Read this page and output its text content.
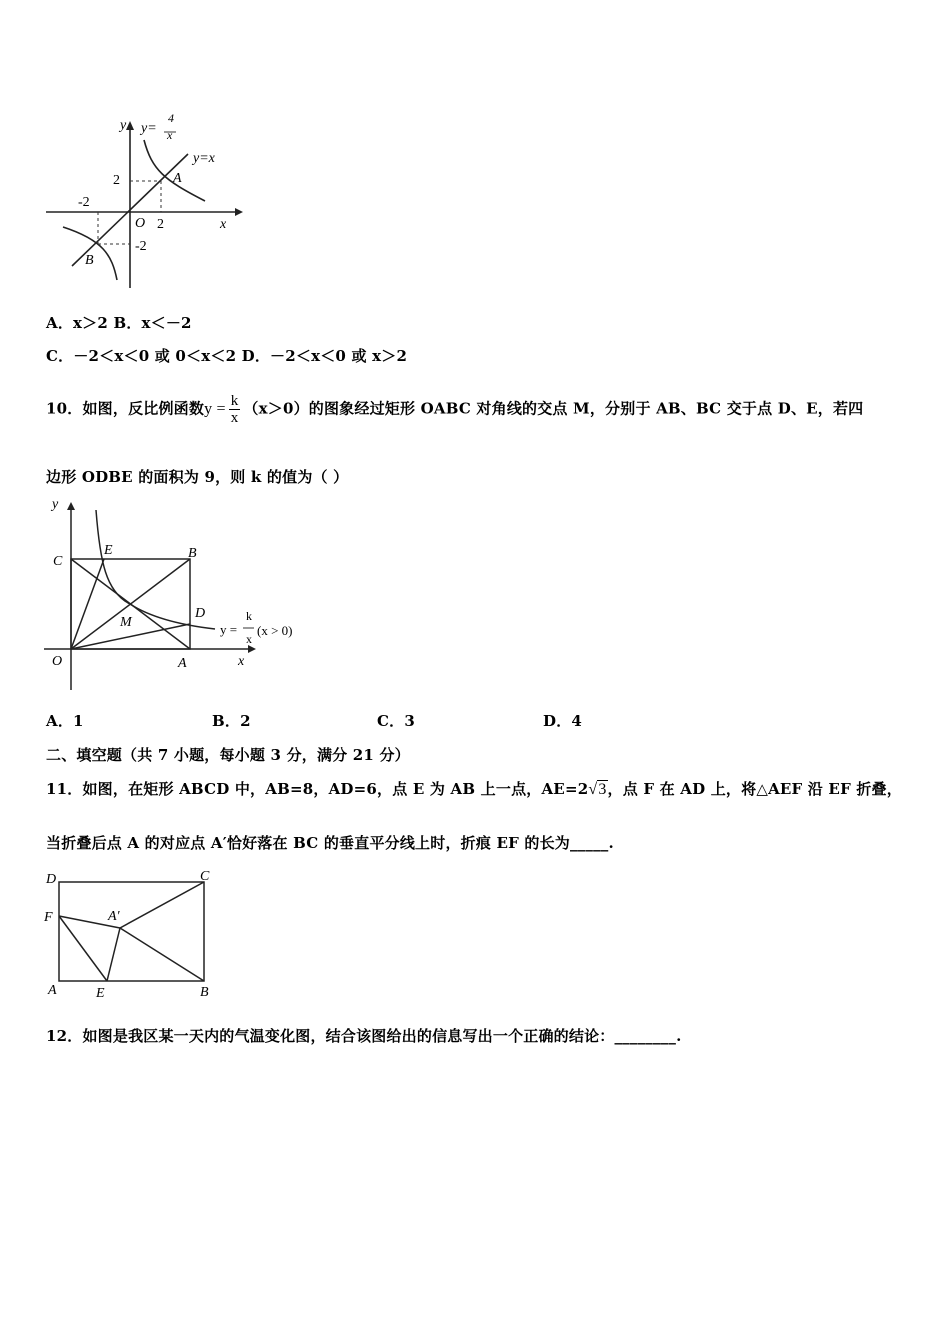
y
x
O
y=
4
x
y=x
A
B
2
-2
2
-2
A．x＞2 B．x＜－2
C．－2＜x＜0 或 0＜x＜2 D．－2＜x＜0 或 x＞2
10．如图，反比例函数$y = \frac{k}{x} (x>0)$的图象经过矩形 OABC 对角线的交点 M，分别于 AB、BC 交于点 D、E，若四
边形 ODBE 的面积为 9，则 k 的值为（ ）
y
x
O	A
B
C
D
E
M	y =
k
x
(x > 0)
A．1	B．2	C．3	D．4
二、填空题（共 7 小题，每小题 3 分，满分 21 分）
11．如图，在矩形 ABCD 中，AB=8，AD=6，点 E 为 AB 上一点，AE=2√3，点 F 在 AD 上，将△AEF 沿 EF 折叠，
当折叠后点 A 的对应点 A′恰好落在 BC 的垂直平分线上时，折痕 EF 的长为_____.
D	C
F	A′
A	E	B
12．如图是我区某一天内的气温变化图，结合该图给出的信息写出一个正确的结论：________.
